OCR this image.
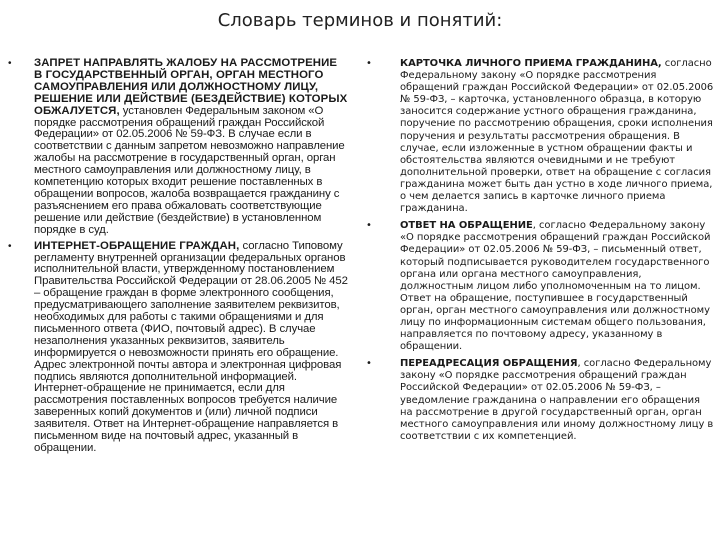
Словарь терминов и понятий:
• ЗАПРЕТ НАПРАВЛЯТЬ ЖАЛОБУ НА РАССМОТРЕНИЕ В ГОСУДАРСТВЕННЫЙ ОРГАН, ОРГАН МЕСТНОГО САМОУПРАВЛЕНИЯ ИЛИ ДОЛЖНОСТНОМУ ЛИЦУ, РЕШЕНИЕ ИЛИ ДЕЙСТВИЕ (БЕЗДЕЙСТВИЕ) КОТОРЫХ ОБЖАЛУЕТСЯ, установлен Федеральным законом «О порядке рассмотрения обращений граждан Российской Федерации» от 02.05.2006 № 59-ФЗ. В случае если в соответствии с данным запретом невозможно направление жалобы на рассмотрение в государственный орган, орган местного самоуправления или должностному лицу, в компетенцию которых входит решение поставленных в обращении вопросов, жалоба возвращается гражданину с разъяснением его права обжаловать соответствующие решение или действие (бездействие) в установленном порядке в суд.
• ИНТЕРНЕТ-ОБРАЩЕНИЕ ГРАЖДАН, согласно Типовому регламенту внутренней организации федеральных органов исполнительной власти, утвержденному постановлением Правительства Российской Федерации от 28.06.2005 № 452 – обращение граждан в форме электронного сообщения, предусматривающего заполнение заявителем реквизитов, необходимых для работы с такими обращениями и для письменного ответа (ФИО, почтовый адрес). В случае незаполнения указанных реквизитов, заявитель информируется о невозможности принять его обращение. Адрес электронной почты автора и электронная цифровая подпись являются дополнительной информацией. Интернет-обращение не принимается, если для рассмотрения поставленных вопросов требуется наличие заверенных копий документов и (или) личной подписи заявителя. Ответ на Интернет-обращение направляется в письменном виде на почтовый адрес, указанный в обращении.
•	КАРТОЧКА ЛИЧНОГО ПРИЕМА ГРАЖДАНИНА, согласно Федеральному закону «О порядке рассмотрения обращений граждан Российской Федерации» от 02.05.2006 № 59-ФЗ, – карточка, установленного образца, в которую заносится содержание устного обращения гражданина, поручение по рассмотрению обращения, сроки исполнения поручения и результаты рассмотрения обращения. В случае, если изложенные в устном обращении факты и обстоятельства являются очевидными и не требуют дополнительной проверки, ответ на обращение с согласия гражданина может быть дан устно в ходе личного приема, о чем делается запись в карточке личного приема гражданина.
•	ОТВЕТ НА ОБРАЩЕНИЕ, согласно Федеральному закону «О порядке рассмотрения обращений граждан Российской Федерации» от 02.05.2006 № 59-ФЗ, – письменный ответ, который подписывается руководителем государственного органа или органа местного самоуправления, должностным лицом либо уполномоченным на то лицом. Ответ на обращение, поступившее в государственный орган, орган местного самоуправления или должностному лицу по информационным системам общего пользования, направляется по почтовому адресу, указанному в обращении.
•	ПЕРЕАДРЕСАЦИЯ ОБРАЩЕНИЯ, согласно Федеральному закону «О порядке рассмотрения обращений граждан Российской Федерации» от 02.05.2006 № 59-ФЗ, – уведомление гражданина о направлении его обращения на рассмотрение в другой государственный орган, орган местного самоуправления или иному должностному лицу в соответствии с их компетенцией.
